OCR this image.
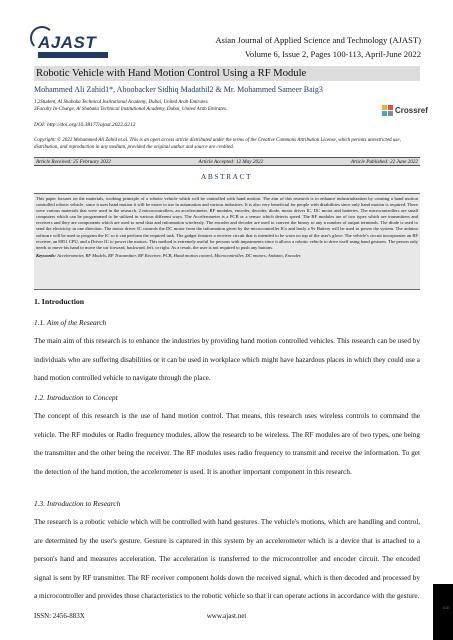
AJAST	Asian Journal of Applied Science and Technology (AJAST)
Volume 6, Issue 2, Pages 100-113, April-June 2022
Robotic Vehicle with Hand Motion Control Using a RF Module
Mohammed Ali Zahid1*, Aboobacker Sidhiq Madathil2 & Mr. Mohammed Sameer Baig3
1,2Student, Al Shabaka Technical Institutional Academy, Dubai, United Arab Emirates.
3Faculty In-Charge, Al Shabaka Technical Institutional Academy, Dubai, United Arab Emirates.	Crossref
DOI: http://doi.org/10.38177/ajast.2022.6212
Copyright: © 2022 Mohammed Ali Zahid et.al. This is an open access article distributed under the terms of the Creative Commons Attribution License, which permits unrestricted use, distribution, and reproduction in any medium, provided the original author and source are credited.
Article Received: 25 February 2022	Article Accepted: 12 May 2022	Article Published: 22 June 2022
ABSTRACT
This paper focuses on the materials, working principle of a robotic vehicle which will be controlled with hand motion. The aim of this research is to enhance industrialization by creating a hand motion controlled robotic vehicle, since it uses hand motion it will be easier to use in automation and various industries. It is also very beneficial for people with disabilities since only hand motion is required. There were various materials that were used in the research. 2 microcontrollers, an accelerometer, RF modules, encoder, decoder, diode, motor driver IC, DC motor and batteries. The microcontrollers are small computers which can be programmed to be utilized in various different ways. The Accelerometer is a PCB or a sensor which detects speed. The RF modules are of two types which are transmitters and receivers and they are components which are used to send data and information wirelessly. The encoder and decoder are used to convert the binary to any n number of output terminals. The diode is used to send the electricity in one direction. The motor driver IC controls the DC motor from the information given by the microcontroller ICs and lastly a 9v Battery will be used to power the system. The arduino software will be used to program the IC so it can perform the required task. The gadget features a receiver circuit that is intended to be worn on top of the user's glove. The vehicle's circuit incorporates an RF receiver, an 8051 CPU, and a Driver IC to power the motors. This method is extremely useful for persons with impairments since it allows a robotic vehicle to drive itself using hand gestures. The person only needs to move his hand to move the car forward, backward, left, or right. As a result, the user is not required to push any buttons.
Keywords: Accelerometer, RF Models, RF Transmitter, RF Receiver, PCB, Hand motion control, Microcontroller, DC motors, Arduino, Encoder.
1. Introduction
1.1. Aim of the Research
The main aim of this research is to enhance the industries by providing hand motion controlled vehicles. This research can be used by individuals who are suffering disabilities or it can be used in workplace which might have hazardous places in which they could use a hand motion controlled vehicle to navigate through the place.
1.2. Introduction to Concept
The concept of this research is the use of hand motion control. That means, this research uses wireless controls to command the vehicle. The RF modules or Radio frequency modules, allow the research to be wireless. The RF modules are of two types, one being the transmitter and the other being the receiver. The RF modules uses radio frequency to transmit and receive the information. To get the detection of the hand motion, the accelerometer is used. It is another important component in this research.
1.3. Introduction to Research
The research is a robotic vehicle which will be controlled with hand gestures. The vehicle's motions, which are handling and control, are determined by the user's gesture. Gesture is captured in this system by an accelerometer which is a device that is attached to a person's hand and measures acceleration. The acceleration is transferred to the microcontroller and encoder circuit. The encoded signal is sent by RF transmitter. The RF receiver component holds down the received signal, which is then decoded and processed by a microcontroller and provides those characteristics to the robotic vehicle so that it can operate actions in accordance with the gesture.
ISSN: 2456-883X	www.ajast.net
100
